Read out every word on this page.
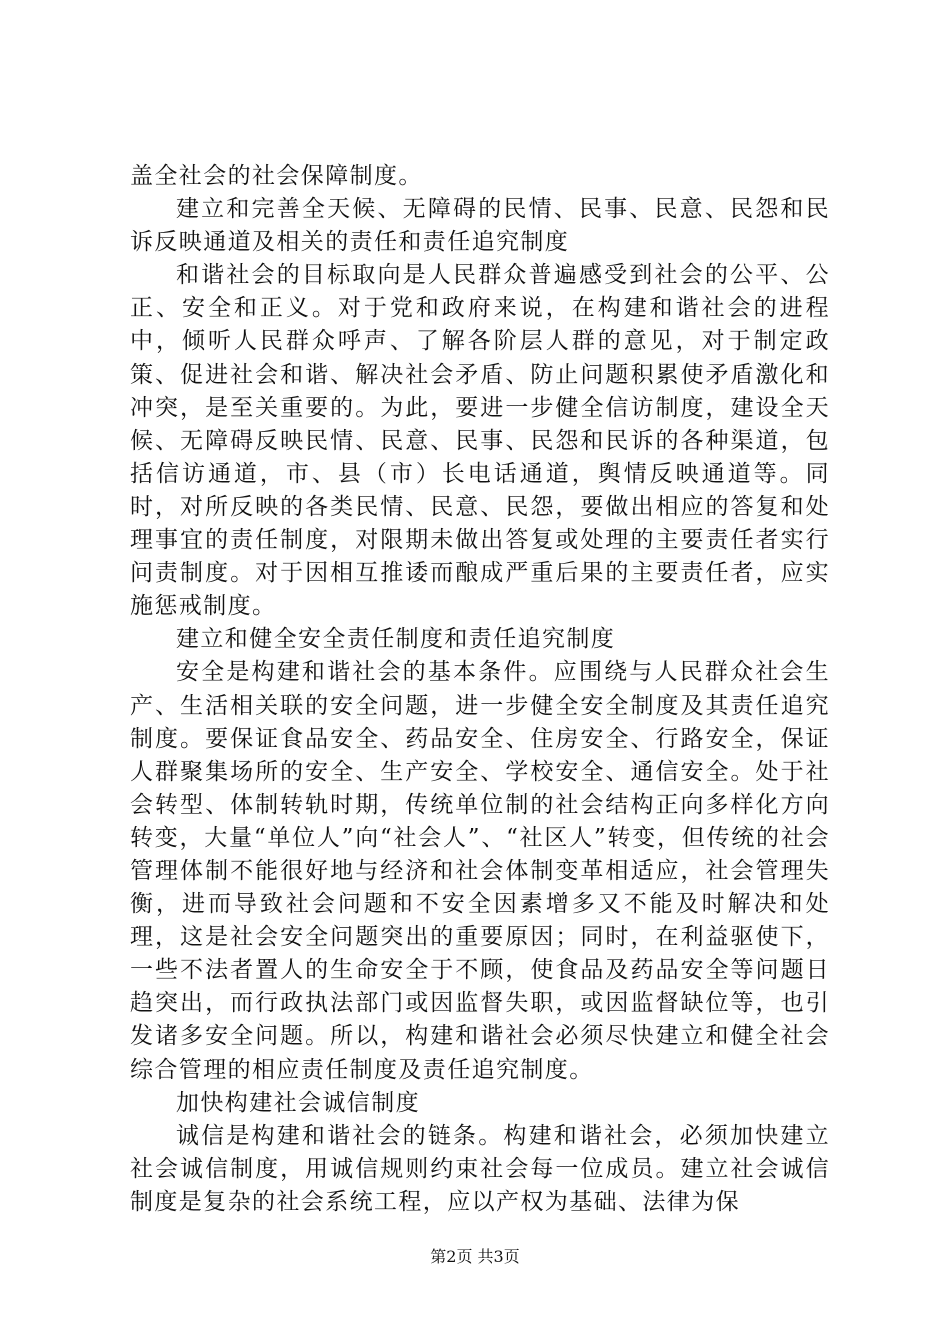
盖全社会的社会保障制度。

建立和完善全天候、无障碍的民情、民事、民意、民怨和民诉反映通道及相关的责任和责任追究制度

和谐社会的目标取向是人民群众普遍感受到社会的公平、公正、安全和正义。对于党和政府来说，在构建和谐社会的进程中，倾听人民群众呼声、了解各阶层人群的意见，对于制定政策、促进社会和谐、解决社会矛盾、防止问题积累使矛盾激化和冲突，是至关重要的。为此，要进一步健全信访制度，建设全天候、无障碍反映民情、民意、民事、民怨和民诉的各种渠道，包括信访通道，市、县（市）长电话通道，舆情反映通道等。同时，对所反映的各类民情、民意、民怨，要做出相应的答复和处理事宜的责任制度，对限期未做出答复或处理的主要责任者实行问责制度。对于因相互推诿而酿成严重后果的主要责任者，应实施惩戒制度。

建立和健全安全责任制度和责任追究制度

安全是构建和谐社会的基本条件。应围绕与人民群众社会生产、生活相关联的安全问题，进一步健全安全制度及其责任追究制度。要保证食品安全、药品安全、住房安全、行路安全，保证人群聚集场所的安全、生产安全、学校安全、通信安全。处于社会转型、体制转轨时期，传统单位制的社会结构正向多样化方向转变，大量“单位人”向“社会人”、“社区人”转变，但传统的社会管理体制不能很好地与经济和社会体制变革相适应，社会管理失衡，进而导致社会问题和不安全因素增多又不能及时解决和处理，这是社会安全问题突出的重要原因；同时，在利益驱使下，一些不法者置人的生命安全于不顾，使食品及药品安全等问题日趋突出，而行政执法部门或因监督失职，或因监督缺位等，也引发诸多安全问题。所以，构建和谐社会必须尽快建立和健全社会综合管理的相应责任制度及责任追究制度。

加快构建社会诚信制度

诚信是构建和谐社会的链条。构建和谐社会，必须加快建立社会诚信制度，用诚信规则约束社会每一位成员。建立社会诚信制度是复杂的社会系统工程，应以产权为基础、法律为保

第2页 共3页
